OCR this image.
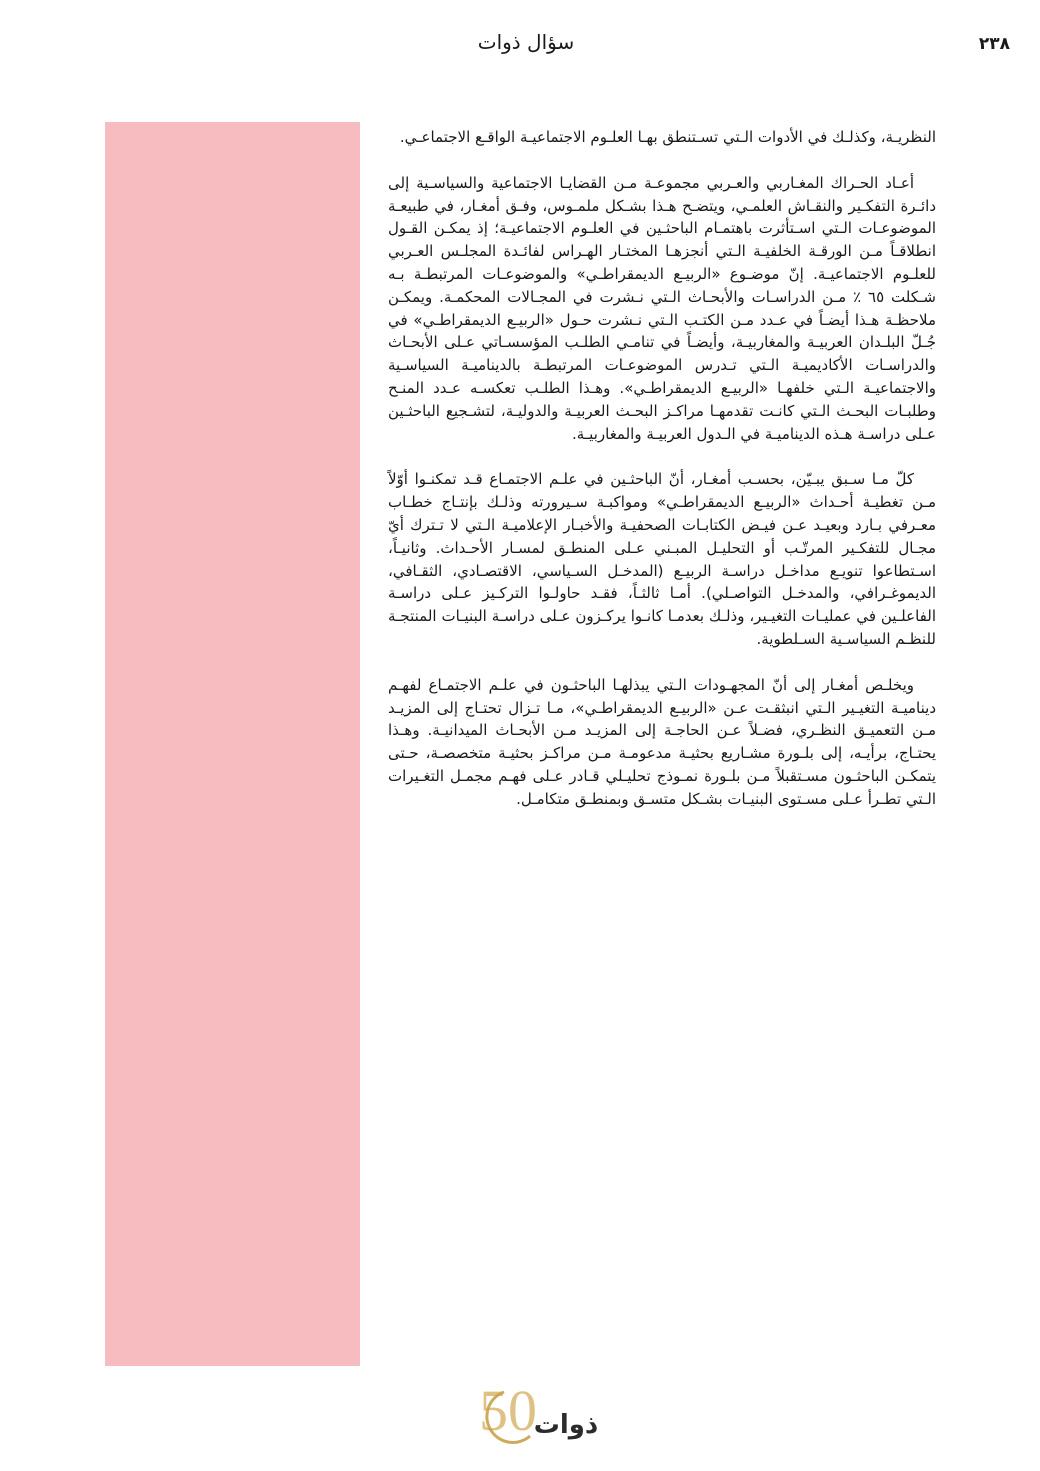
٢٣٨
سؤال ذوات

النظريـة، وكذلـك في الأدوات الـتي تسـتنطق بهـا العلـوم الاجتماعيـة الواقـع الاجتماعـي.

أعـاد الحـراك المغـاربي والعـربي مجموعـة مـن القضايـا الاجتماعية والسياسـية إلى دائـرة التفكـير والنقـاش العلمـي، ويتضـح هـذا بشـكل ملمـوس، وفـق أمغـار، في طبيعـة الموضوعـات الـتي اسـتأثرت باهتمـام الباحثـين في العلـوم الاجتماعيـة؛ إذ يمكـن القـول انطلاقـاً مـن الورقـة الخلفيـة الـتي أنجزهـا المختـار الهـراس لفائـدة المجلـس العـربي للعلـوم الاجتماعيـة. إنّ موضـوع «الربيـع الديمقراطـي» والموضوعـات المرتبطـة بـه شـكلت ٦٥ ٪ مـن الدراسـات والأبحـاث الـتي نـشرت في المجـالات المحكمـة. ويمكـن ملاحظـة هـذا أيضـاً في عـدد مـن الكتـب الـتي نـشرت حـول «الربيـع الديمقراطـي» في جُـلّ البلـدان العربيـة والمغاربيـة، وأيضـاً في تنامـي الطلـب المؤسسـاتي عـلى الأبحـاث والدراسـات الأكاديميـة الـتي تـدرس الموضوعـات المرتبطـة بالديناميـة السياسـية والاجتماعيـة الـتي خلفهـا «الربيـع الديمقراطـي». وهـذا الطلـب تعكسـه عـدد المنـح وطلبـات البحـث الـتي كانـت تقدمهـا مراكـز البحـث العربيـة والدوليـة، لتشـجيع الباحثـين عـلى دراسـة هـذه الديناميـة في الـدول العربيـة والمغاربيـة.

كلّ مـا سـبق يبـيّن، بحسـب أمغـار، أنّ الباحثـين في علـم الاجتمـاع قـد تمكنـوا أوّلاً مـن تغطيـة أحـداث «الربيـع الديمقراطـي» ومواكبـة سـيرورته وذلـك بإنتـاج خطـاب معـرفي بـارد وبعيـد عـن فيـض الكتابـات الصحفيـة والأخبـار الإعلاميـة الـتي لا تـترك أيّ مجـال للتفكـير المرتّـب أو التحليـل المبـني عـلى المنطـق لمسـار الأحـداث. وثانيـاً، اسـتطاعوا تنويـع مداخـل دراسـة الربيـع (المدخـل السـياسي، الاقتصـادي، الثقـافي، الديموغـرافي، والمدخـل التواصـلي). أمـا ثالثـاً، فقـد حاولـوا التركـيز عـلى دراسـة الفاعلـين في عمليـات التغيـير، وذلـك بعدمـا كانـوا يركـزون عـلى دراسـة البنيـات المنتجـة للنظـم السياسـية السـلطوية.

ويخلـص أمغـار إلى أنّ المجهـودات الـتي يبذلهـا الباحثـون في علـم الاجتمـاع لفهـم ديناميـة التغيـير الـتي انبثقـت عـن «الربيـع الديمقراطـي»، مـا تـزال تحتـاج إلى المزيـد مـن التعميـق النظـري، فضـلاً عـن الحاجـة إلى المزيـد مـن الأبحـاث الميدانيـة. وهـذا يحتـاج، برأيـه، إلى بلـورة مشـاريع بحثيـة مدعومـة مـن مراكـز بحثيـة متخصصـة، حـتى يتمكـن الباحثـون مسـتقبلاً مـن بلـورة نمـوذج تحليـلي قـادر عـلى فهـم مجمـل التغـيرات الـتي تطـرأ عـلى مسـتوى البنيـات بشـكل متسـق وبمنطـق متكامـل.

50
ذوات
